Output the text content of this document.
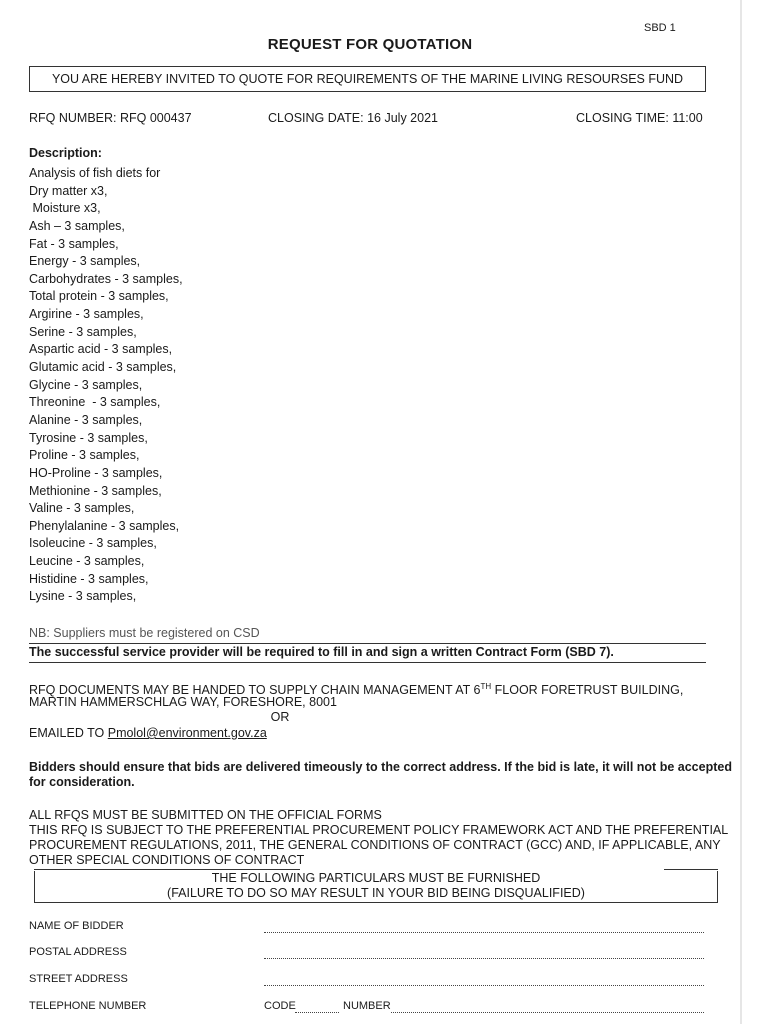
SBD 1
REQUEST FOR QUOTATION
YOU ARE HEREBY INVITED TO QUOTE FOR REQUIREMENTS OF THE MARINE LIVING RESOURSES FUND
RFQ NUMBER: RFQ 000437	CLOSING DATE: 16 July 2021	CLOSING TIME: 11:00
Description:
Analysis of fish diets for
Dry matter x3,
Moisture x3,
Ash – 3 samples,
Fat - 3 samples,
Energy - 3 samples,
Carbohydrates - 3 samples,
Total protein - 3 samples,
Argirine - 3 samples,
Serine - 3 samples,
Aspartic acid - 3 samples,
Glutamic acid - 3 samples,
Glycine - 3 samples,
Threonine  - 3 samples,
Alanine - 3 samples,
Tyrosine - 3 samples,
Proline - 3 samples,
HO-Proline - 3 samples,
Methionine - 3 samples,
Valine - 3 samples,
Phenylalanine - 3 samples,
Isoleucine - 3 samples,
Leucine - 3 samples,
Histidine - 3 samples,
Lysine - 3 samples,
NB: Suppliers must be registered on CSD
The successful service provider will be required to fill in and sign a written Contract Form (SBD 7).
RFQ DOCUMENTS MAY BE HANDED TO SUPPLY CHAIN MANAGEMENT AT 6TH FLOOR FORETRUST BUILDING,
MARTIN HAMMERSCHLAG WAY, FORESHORE, 8001
OR
EMAILED TO Pmolol@environment.gov.za
Bidders should ensure that bids are delivered timeously to the correct address. If the bid is late, it will not be accepted
for consideration.
ALL RFQS MUST BE SUBMITTED ON THE OFFICIAL FORMS
THIS RFQ IS SUBJECT TO THE PREFERENTIAL PROCUREMENT POLICY FRAMEWORK ACT AND THE PREFERENTIAL
PROCUREMENT REGULATIONS, 2011, THE GENERAL CONDITIONS OF CONTRACT (GCC) AND, IF APPLICABLE, ANY
OTHER SPECIAL CONDITIONS OF CONTRACT
THE FOLLOWING PARTICULARS MUST BE FURNISHED
(FAILURE TO DO SO MAY RESULT IN YOUR BID BEING DISQUALIFIED)
NAME OF BIDDER
POSTAL ADDRESS
STREET ADDRESS
TELEPHONE NUMBER	CODE	NUMBER
